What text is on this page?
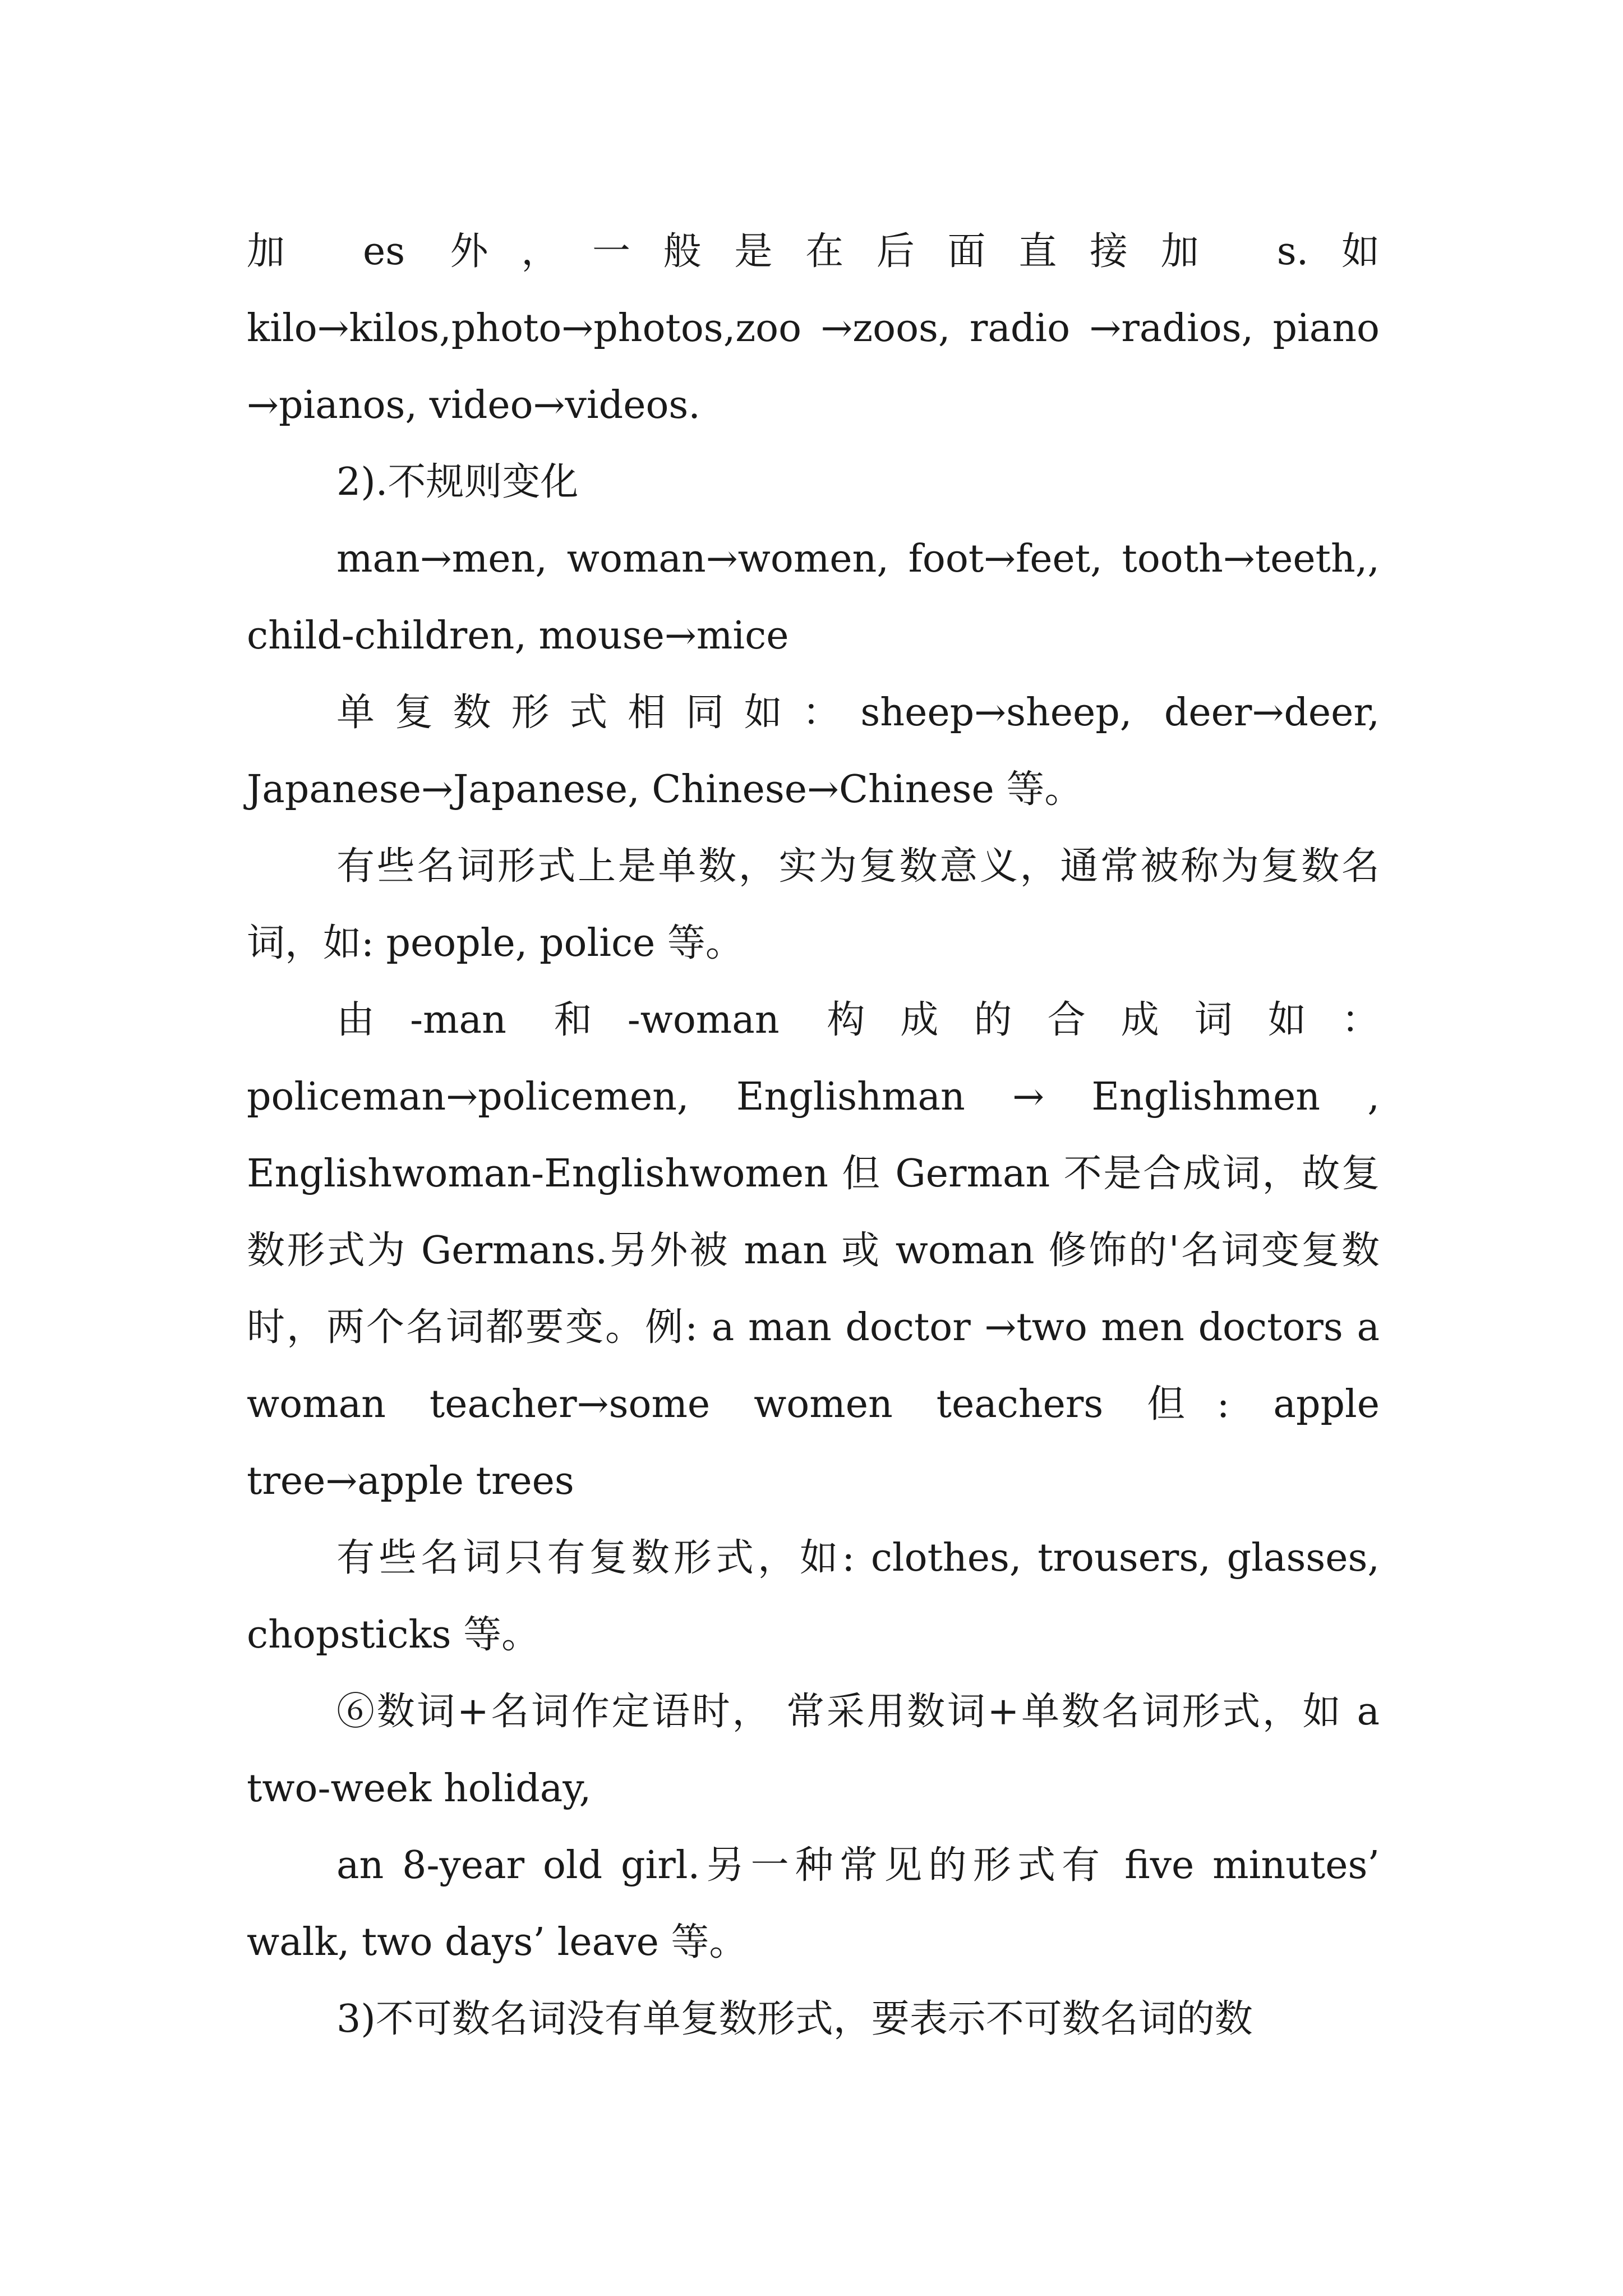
加 es 外，一般是在后面直接加 s.如 kilo→kilos,photo→photos,zoo →zoos, radio →radios, piano →pianos, video→videos.

2).不规则变化

man→men, woman→women, foot→feet, tooth→teeth,, child-children, mouse→mice

单复数形式相同如：sheep→sheep, deer→deer, Japanese→Japanese, Chinese→Chinese 等。

有些名词形式上是单数，实为复数意义，通常被称为复数名词，如: people, police 等。

由-man 和-woman 构成的合成词如：policeman→policemen, Englishman → Englishmen , Englishwoman-Englishwomen 但 German 不是合成词，故复数形式为 Germans.另外被 man 或 woman 修饰的'名词变复数时，两个名词都要变。例: a man doctor →two men doctors a woman teacher→some women teachers 但: apple tree→apple trees

有些名词只有复数形式，如: clothes, trousers, glasses, chopsticks 等。

⑥数词+名词作定语时， 常采用数词+单数名词形式，如 a two-week holiday,

an 8-year old girl.另一种常见的形式有 five minutes’ walk, two days’ leave 等。

3)不可数名词没有单复数形式，要表示不可数名词的数
